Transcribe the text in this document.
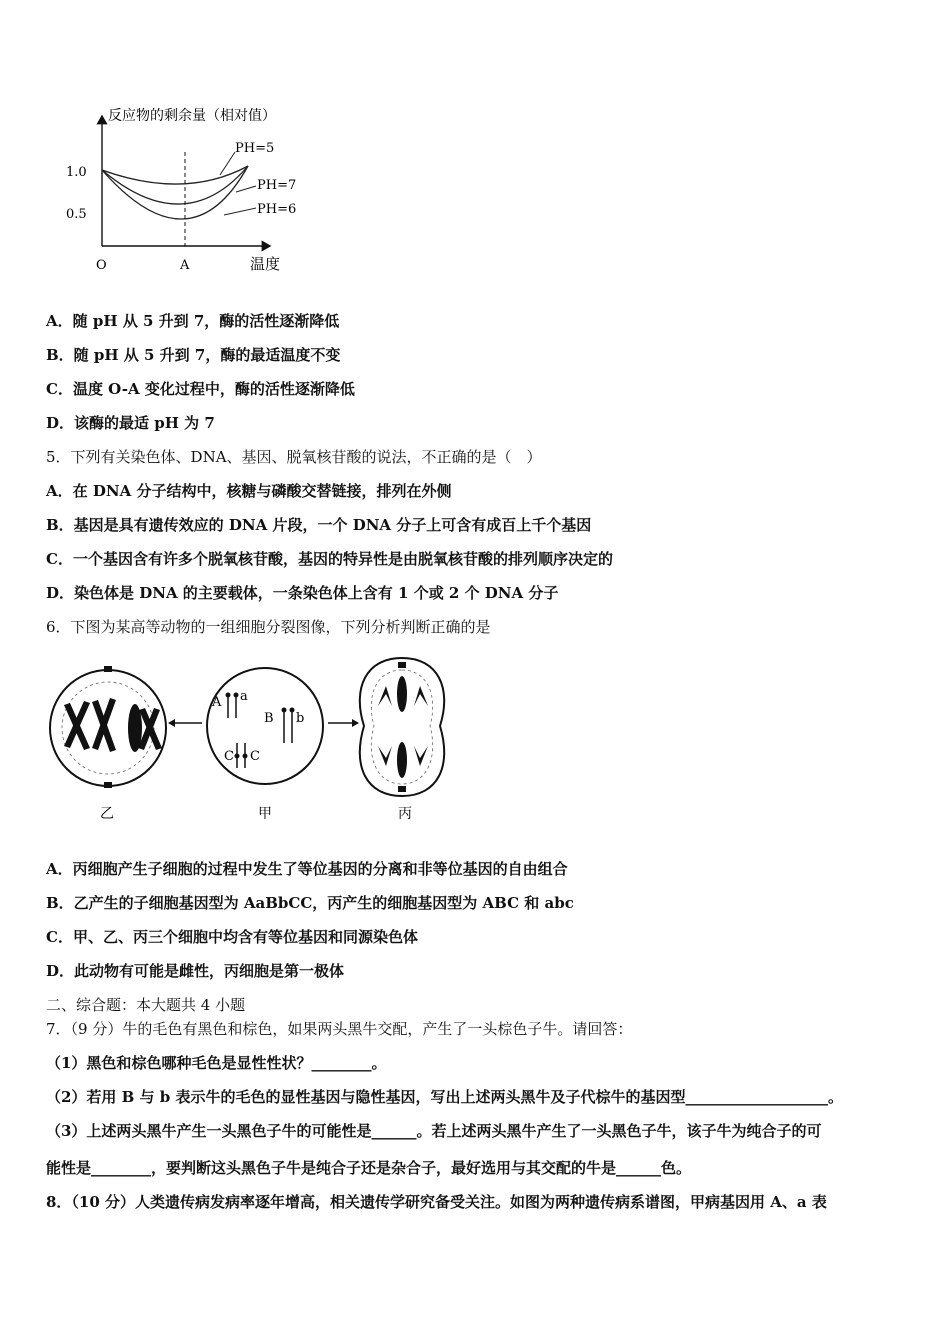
反应物的剩余量（相对值）
温度
O	A
1.0
0.5
PH=5
PH=7
PH=6
A．随 pH 从 5 升到 7，酶的活性逐渐降低
B．随 pH 从 5 升到 7，酶的最适温度不变
C．温度 O-A 变化过程中，酶的活性逐渐降低
D．该酶的最适 pH 为 7
5．下列有关染色体、DNA、基因、脱氧核苷酸的说法，不正确的是（　）
A．在 DNA 分子结构中，核糖与磷酸交替链接，排列在外侧
B．基因是具有遗传效应的 DNA 片段，一个 DNA 分子上可含有成百上千个基因
C．一个基因含有许多个脱氧核苷酸，基因的特异性是由脱氧核苷酸的排列顺序决定的
D．染色体是 DNA 的主要载体，一条染色体上含有 1 个或 2 个 DNA 分子
6．下图为某高等动物的一组细胞分裂图像，下列分析判断正确的是
A a
B b
C C
乙	甲	丙
A．丙细胞产生子细胞的过程中发生了等位基因的分离和非等位基因的自由组合
B．乙产生的子细胞基因型为 AaBbCC，丙产生的细胞基因型为 ABC 和 abc
C．甲、乙、丙三个细胞中均含有等位基因和同源染色体
D．此动物有可能是雌性，丙细胞是第一极体
二、综合题：本大题共 4 小题
7．（9 分）牛的毛色有黑色和棕色，如果两头黑牛交配，产生了一头棕色子牛。请回答：
（1）黑色和棕色哪种毛色是显性性状？________。
（2）若用 B 与 b 表示牛的毛色的显性基因与隐性基因，写出上述两头黑牛及子代棕牛的基因型___________________。
（3）上述两头黑牛产生一头黑色子牛的可能性是______。若上述两头黑牛产生了一头黑色子牛，该子牛为纯合子的可
能性是________，要判断这头黑色子牛是纯合子还是杂合子，最好选用与其交配的牛是______色。
8．（10 分）人类遗传病发病率逐年增高，相关遗传学研究备受关注。如图为两种遗传病系谱图，甲病基因用 A、a 表
